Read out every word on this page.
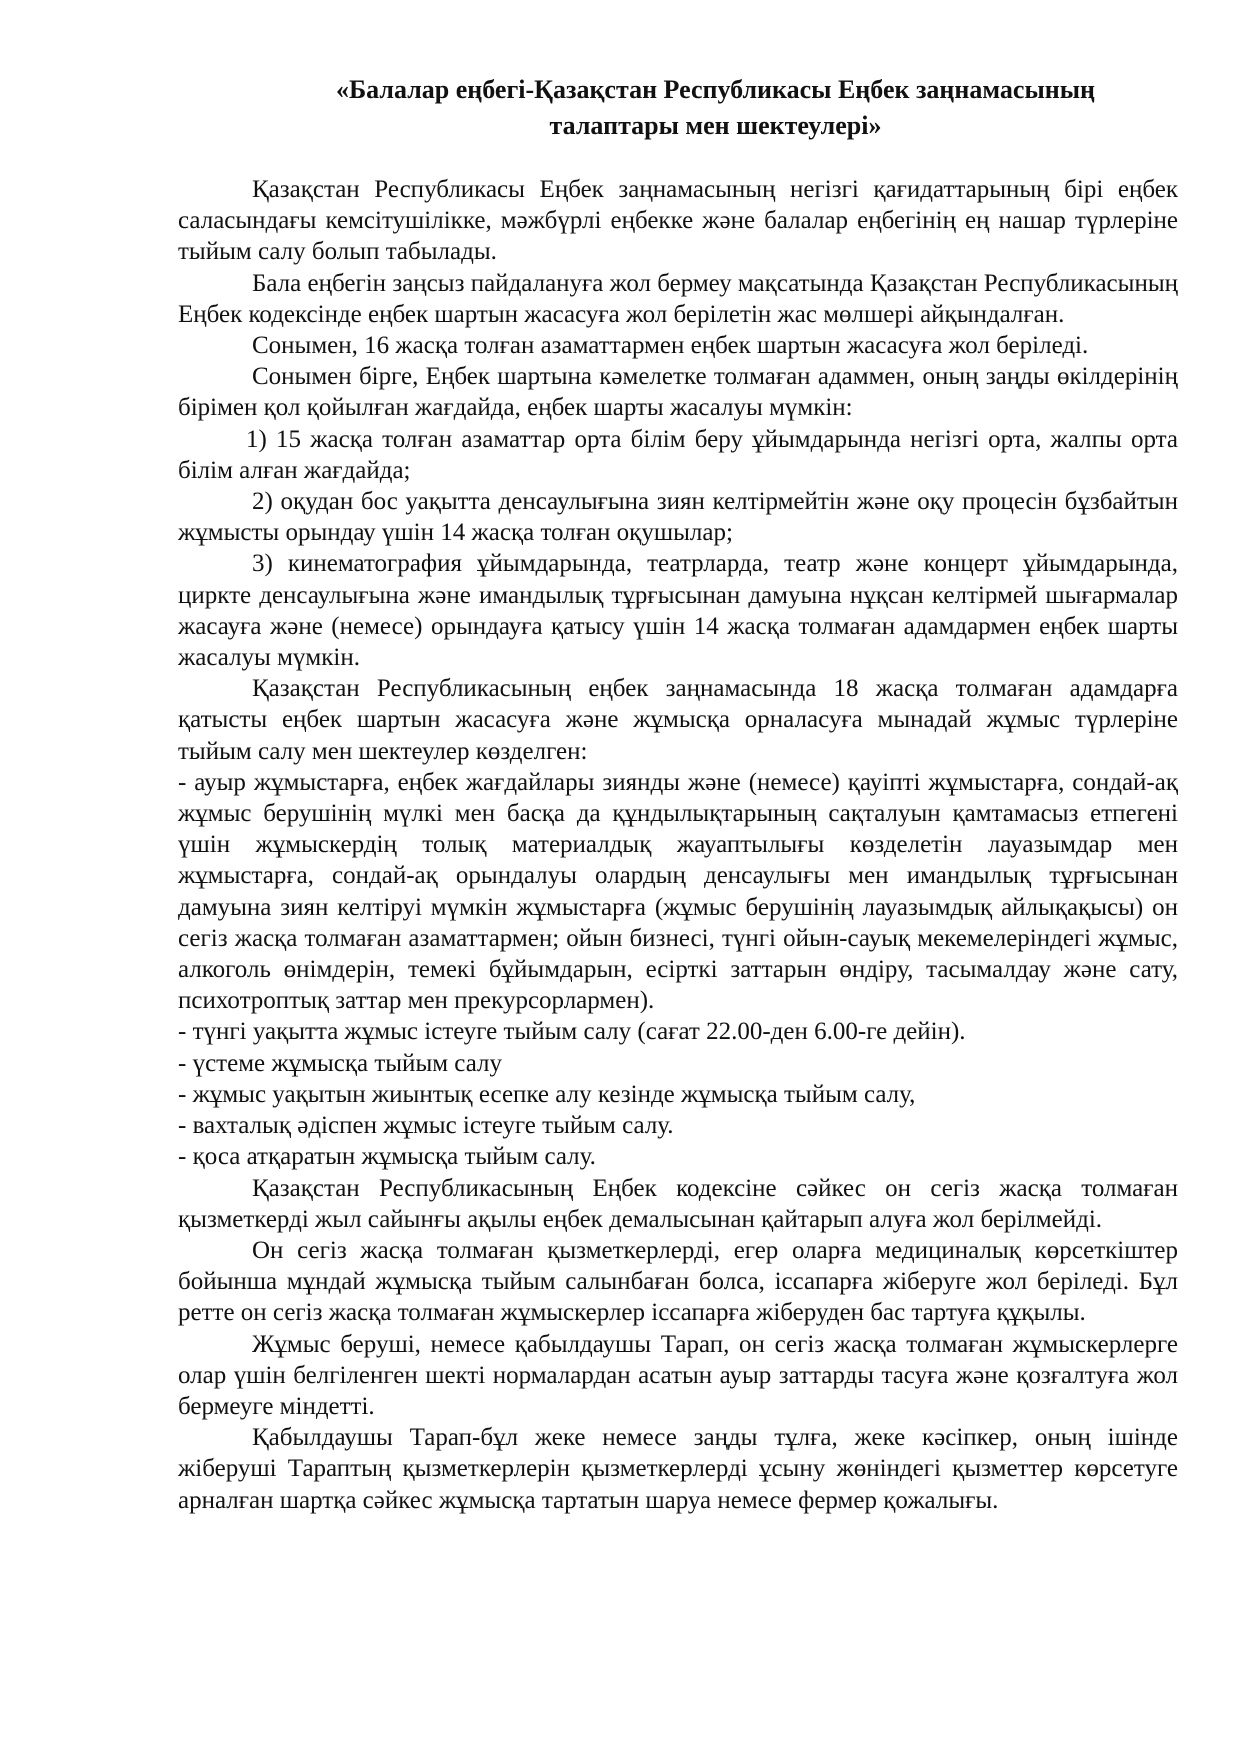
«Балалар еңбегі-Қазақстан Республикасы Еңбек заңнамасының
талаптары мен шектеулері»

Қазақстан Республикасы Еңбек заңнамасының негізгі қағидаттарының бірі еңбек саласындағы кемсітушілікке, мәжбүрлі еңбекке және балалар еңбегінің ең нашар түрлеріне тыйым салу болып табылады.

Бала еңбегін заңсыз пайдалануға жол бермеу мақсатында Қазақстан Республикасының Еңбек кодексінде еңбек шартын жасасуға жол берілетін жас мөлшері айқындалған.

Сонымен, 16 жасқа толған азаматтармен еңбек шартын жасасуға жол беріледі.

Сонымен бірге, Еңбек шартына кәмелетке толмаған адаммен, оның заңды өкілдерінің бірімен қол қойылған жағдайда, еңбек шарты жасалуы мүмкін:

1) 15 жасқа толған азаматтар орта білім беру ұйымдарында негізгі орта, жалпы орта білім алған жағдайда;

2) оқудан бос уақытта денсаулығына зиян келтірмейтін және оқу процесін бұзбайтын жұмысты орындау үшін 14 жасқа толған оқушылар;

3) кинематография ұйымдарында, театрларда, театр және концерт ұйымдарында, циркте денсаулығына және имандылық тұрғысынан дамуына нұқсан келтірмей шығармалар жасауға және (немесе) орындауға қатысу үшін 14 жасқа толмаған адамдармен еңбек шарты жасалуы мүмкін.

Қазақстан Республикасының еңбек заңнамасында 18 жасқа толмаған адамдарға қатысты еңбек шартын жасасуға және жұмысқа орналасуға мынадай жұмыс түрлеріне тыйым салу мен шектеулер көзделген:

- ауыр жұмыстарға, еңбек жағдайлары зиянды және (немесе) қауіпті жұмыстарға, сондай-ақ жұмыс берушінің мүлкі мен басқа да құндылықтарының сақталуын қамтамасыз етпегені үшін жұмыскердің толық материалдық жауаптылығы көзделетін лауазымдар мен жұмыстарға, сондай-ақ орындалуы олардың денсаулығы мен имандылық тұрғысынан дамуына зиян келтіруі мүмкін жұмыстарға (жұмыс берушінің лауазымдық айлықақысы) он сегіз жасқа толмаған азаматтармен; ойын бизнесі, түнгі ойын-сауық мекемелеріндегі жұмыс, алкоголь өнімдерін, темекі бұйымдарын, есірткі заттарын өндіру, тасымалдау және сату, психотроптық заттар мен прекурсорлармен).

- түнгі уақытта жұмыс істеуге тыйым салу (сағат 22.00-ден 6.00-ге дейін).

- үстеме жұмысқа тыйым салу

- жұмыс уақытын жиынтық есепке алу кезінде жұмысқа тыйым салу,

- вахталық әдіспен жұмыс істеуге тыйым салу.

- қоса атқаратын жұмысқа тыйым салу.

Қазақстан Республикасының Еңбек кодексіне сәйкес он сегіз жасқа толмаған қызметкерді жыл сайынғы ақылы еңбек демалысынан қайтарып алуға жол берілмейді.

Он сегіз жасқа толмаған қызметкерлерді, егер оларға медициналық көрсеткіштер бойынша мұндай жұмысқа тыйым салынбаған болса, іссапарға жіберуге жол беріледі. Бұл ретте он сегіз жасқа толмаған жұмыскерлер іссапарға жіберуден бас тартуға құқылы.

Жұмыс беруші, немесе қабылдаушы Тарап, он сегіз жасқа толмаған жұмыскерлерге олар үшін белгіленген шекті нормалардан асатын ауыр заттарды тасуға және қозғалтуға жол бермеуге міндетті.

Қабылдаушы Тарап-бұл жеке немесе заңды тұлға, жеке кәсіпкер, оның ішінде жіберуші Тараптың қызметкерлерін қызметкерлерді ұсыну жөніндегі қызметтер көрсетуге арналған шартқа сәйкес жұмысқа тартатын шаруа немесе фермер қожалығы.
